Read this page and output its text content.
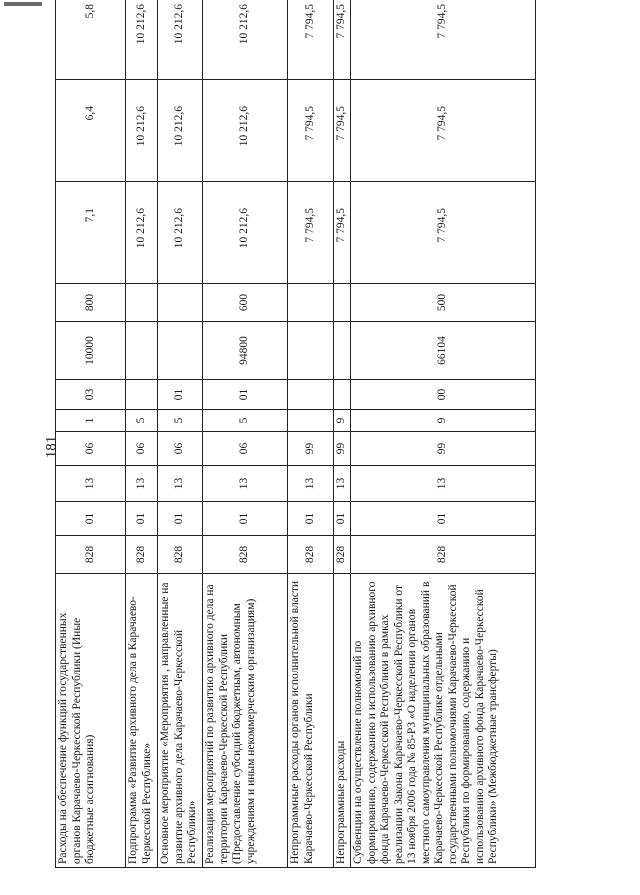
181
Расходы на обеспечение функций государственных органов Карачаево-Черкесской Республики (Иные бюджетные ассигнования)	828	01	13	06	1	03	10000	800	7,1	6,4	5,8
Подпрограмма «Развитие архивного дела в Карачаево-Черкесской Республике»	828	01	13	06	5				10 212,6	10 212,6	10 212,6
Основное мероприятие «Мероприятия , направленные на развитие архивного дела Карачаево-Черкесской Республики»	828	01	13	06	5	01			10 212,6	10 212,6	10 212,6
Реализация мероприятий по развитию архивного дела на территории Карачаево-Черкесской Республики (Предоставление субсидий бюджетным, автономным учреждениям и иным некоммерческим организациям)	828	01	13	06	5	01	94800	600	10 212,6	10 212,6	10 212,6
Непрограммные расходы органов исполнительной власти Карачаево-Черкесской Республики	828	01	13	99					7 794,5	7 794,5	7 794,5
Непрограммные расходы	828	01	13	99	9				7 794,5	7 794,5	7 794,5
Субвенции на осуществление полномочий по формированию, содержанию и использованию архивного фонда Карачаево-Черкесской Республики в рамках реализации Закона Карачаево-Черкесской Республики от 13 ноября 2006 года № 85-РЗ «О наделении органов местного самоуправления муниципальных образований в Карачаево-Черкесской Республике отдельными государственными полномочиями Карачаево-Черкесской Республики по формированию, содержанию и использованию архивного фонда Карачаево-Черкесской Республики» (Межбюджетные трансферты)	828	01	13	99	9	00	66104	500	7 794,5	7 794,5	7 794,5
